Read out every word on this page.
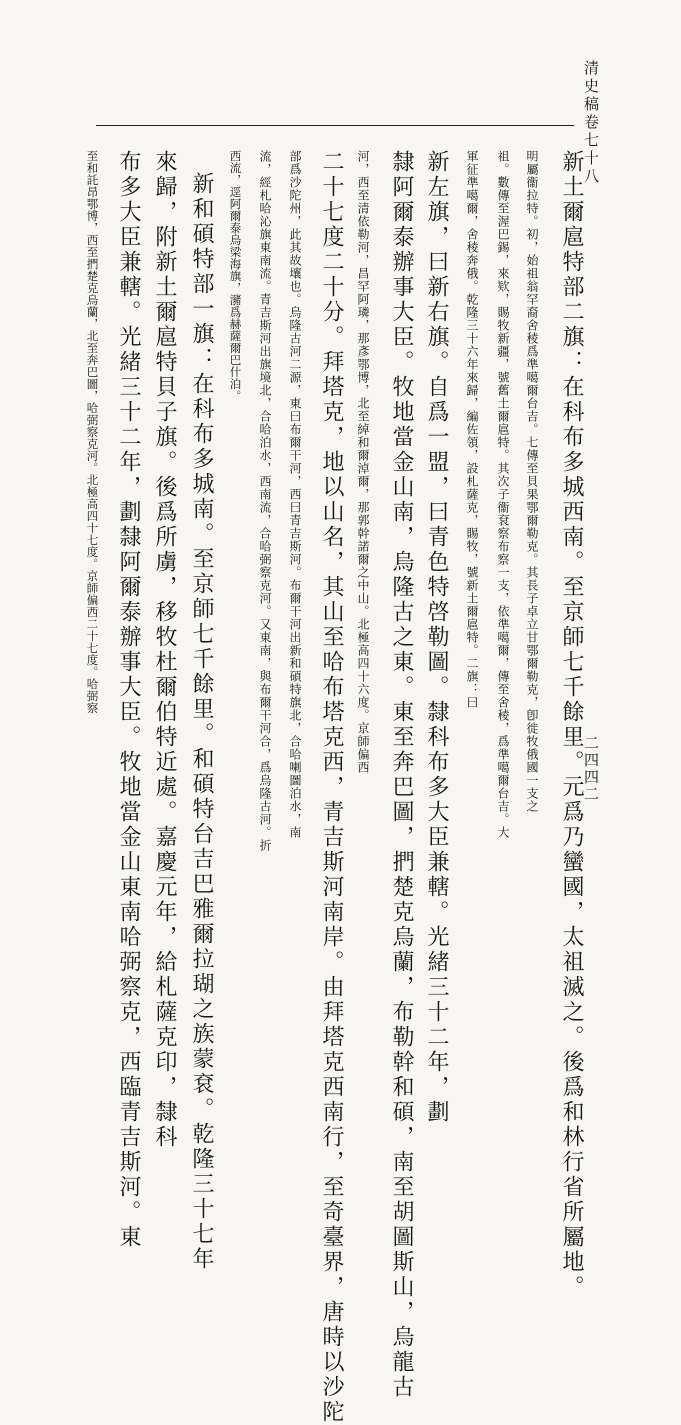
清史稿卷七十八
二四四二
新土爾扈特部二旗：在科布多城西南。至京師七千餘里。元爲乃蠻國，太祖滅之。後爲和林行省所屬地。
明屬衞拉特。初，始祖翁罕裔舍稜爲準噶爾台吉。七傳至貝果鄂爾勒克。其長子卓立甘鄂爾勒克，卽徙牧俄國一支之
祖。數傳至渥巴錫，來欵，賜牧新疆，號舊土爾扈特。其次子衞袞察布察一支，依準噶爾，傳至舍稜，爲準噶爾台吉。大
軍征準噶爾，舍稜奔俄。乾隆三十六年來歸，編佐領，設札薩克，賜牧，號新土爾扈特。二旗：曰
新左旗，曰新右旗。自爲一盟，曰青色特啓勒圖。隸科布多大臣兼轄。光緒三十二年，劃
隸阿爾泰辦事大臣。牧地當金山南，烏隆古之東。東至奔巴圖，捫楚克烏蘭，布勒幹和碩，南至胡圖斯山，烏龍古
河，西至清依勒河，昌罕阿璘，那彥鄂博，北至綽和爾淖爾，那郭幹諾爾之中山。北極高四十六度。京師偏西
二十七度二十分。拜塔克，地以山名，其山至哈布塔克西，青吉斯河南岸。由拜塔克西南行，至奇臺界，唐時以沙陀
部爲沙陀州，此其故壤也。烏隆古河二源，東曰布爾干河，西曰青吉斯河。布爾干河出新和碩特旗北，合哈喇圖泊水，南
流，經札哈沁旗東南流。青吉斯河出旗境北，合哈泊水，西南流，合哈弼察克河。又東南，與布爾干河合，爲烏隆古河。折
西流，逕阿爾泰烏梁海旗，瀦爲赫薩爾巴什泊。
新和碩特部一旗：在科布多城南。至京師七千餘里。和碩特台吉巴雅爾拉瑚之族蒙袞。乾隆三十七年
來歸，附新土爾扈特貝子旗。後爲所虜，移牧杜爾伯特近處。嘉慶元年，給札薩克印，隸科
布多大臣兼轄。光緒三十二年，劃隸阿爾泰辦事大臣。牧地當金山東南哈弼察克，西臨青吉斯河。東
至和託昂鄂博，西至捫楚克烏蘭，北至奔巴圖，哈弼察克河。北極高四十七度。京師偏西二十七度。哈弼察
